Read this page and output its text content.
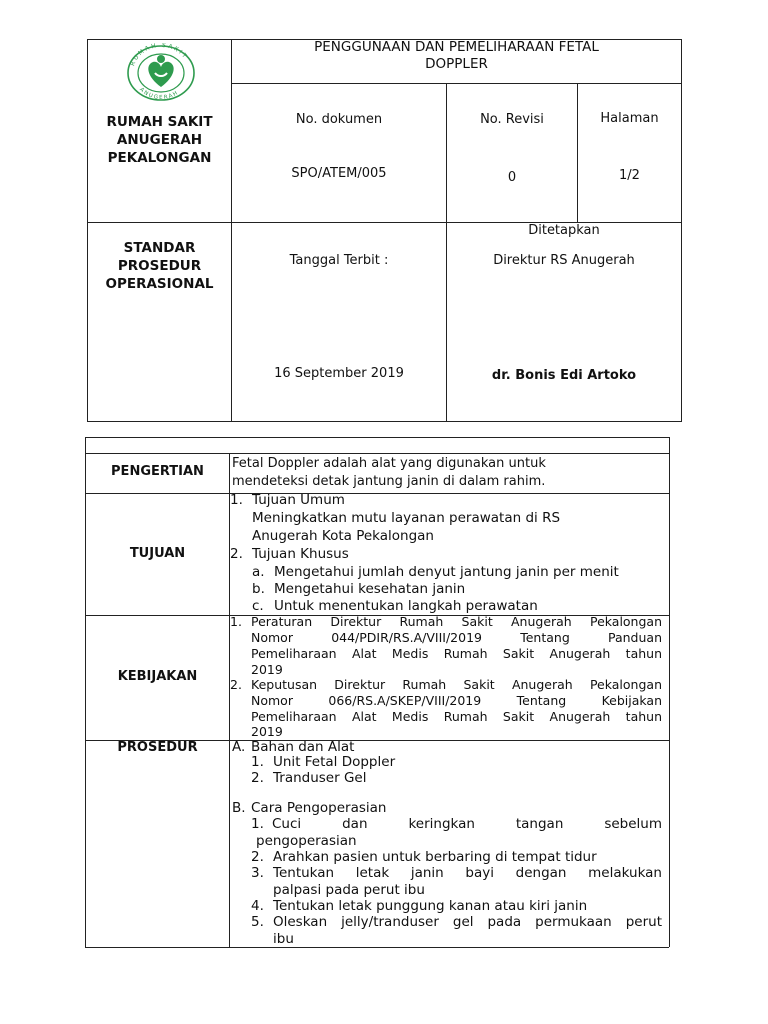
RUMAH SAKIT
ANUGERAH
RUMAH SAKIT
ANUGERAH
PEKALONGAN
PENGGUNAAN DAN PEMELIHARAAN FETAL
DOPPLER
No. dokumen
SPO/ATEM/005
No. Revisi
0
Halaman
1/2
STANDAR
PROSEDUR
OPERASIONAL
Tanggal Terbit :
16 September 2019
Ditetapkan
Direktur RS Anugerah
dr. Bonis Edi Artoko
PENGERTIAN
Fetal Doppler adalah alat yang digunakan untuk
mendeteksi detak jantung janin di dalam rahim.
TUJUAN
1. Tujuan Umum
Meningkatkan mutu layanan perawatan di RS
Anugerah Kota Pekalongan
2. Tujuan Khusus
a. Mengetahui jumlah denyut jantung janin per menit
b. Mengetahui kesehatan janin
c. Untuk menentukan langkah perawatan
KEBIJAKAN
1. Peraturan Direktur Rumah Sakit Anugerah Pekalongan
Nomor 044/PDIR/RS.A/VIII/2019 Tentang Panduan
Pemeliharaan Alat Medis Rumah Sakit Anugerah tahun
2019
2. Keputusan Direktur Rumah Sakit Anugerah Pekalongan
Nomor 066/RS.A/SKEP/VIII/2019 Tentang Kebijakan
Pemeliharaan Alat Medis Rumah Sakit Anugerah tahun
2019
PROSEDUR	A. Bahan dan Alat
1. Unit Fetal Doppler
2. Tranduser Gel
B. Cara Pengoperasian
1. Cuci dan keringkan tangan sebelum
pengoperasian
2. Arahkan pasien untuk berbaring di tempat tidur
3. Tentukan letak janin bayi dengan melakukan
palpasi pada perut ibu
4. Tentukan letak punggung kanan atau kiri janin
5. Oleskan jelly/tranduser gel pada permukaan perut
ibu
